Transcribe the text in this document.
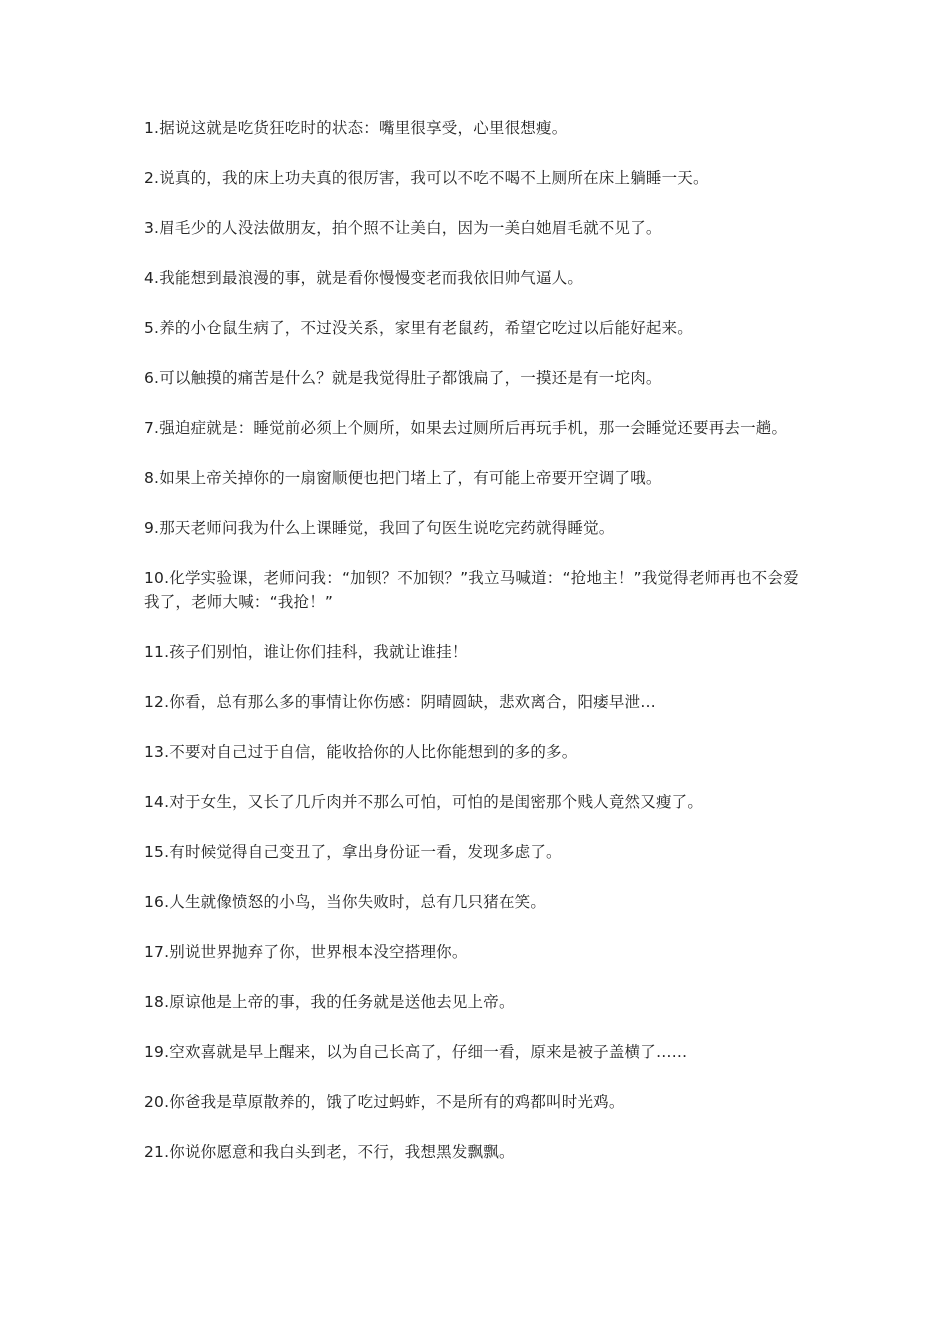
1.据说这就是吃货狂吃时的状态：嘴里很享受，心里很想瘦。

2.说真的，我的床上功夫真的很厉害，我可以不吃不喝不上厕所在床上躺睡一天。

3.眉毛少的人没法做朋友，拍个照不让美白，因为一美白她眉毛就不见了。

4.我能想到最浪漫的事，就是看你慢慢变老而我依旧帅气逼人。

5.养的小仓鼠生病了，不过没关系，家里有老鼠药，希望它吃过以后能好起来。

6.可以触摸的痛苦是什么？就是我觉得肚子都饿扁了，一摸还是有一坨肉。

7.强迫症就是：睡觉前必须上个厕所，如果去过厕所后再玩手机，那一会睡觉还要再去一趟。

8.如果上帝关掉你的一扇窗顺便也把门堵上了，有可能上帝要开空调了哦。

9.那天老师问我为什么上课睡觉，我回了句医生说吃完药就得睡觉。

10.化学实验课，老师问我：“加钡？不加钡？”我立马喊道：“抢地主！”我觉得老师再也不会爱我了，老师大喊：“我抢！”

11.孩子们别怕，谁让你们挂科，我就让谁挂！

12.你看，总有那么多的事情让你伤感：阴晴圆缺，悲欢离合，阳痿早泄…

13.不要对自己过于自信，能收拾你的人比你能想到的多的多。

14.对于女生，又长了几斤肉并不那么可怕，可怕的是闺密那个贱人竟然又瘦了。

15.有时候觉得自己变丑了，拿出身份证一看，发现多虑了。

16.人生就像愤怒的小鸟，当你失败时，总有几只猪在笑。

17.别说世界抛弃了你，世界根本没空搭理你。

18.原谅他是上帝的事，我的任务就是送他去见上帝。

19.空欢喜就是早上醒来，以为自己长高了，仔细一看，原来是被子盖横了……

20.你爸我是草原散养的，饿了吃过蚂蚱，不是所有的鸡都叫时光鸡。

21.你说你愿意和我白头到老，不行，我想黑发飘飘。
